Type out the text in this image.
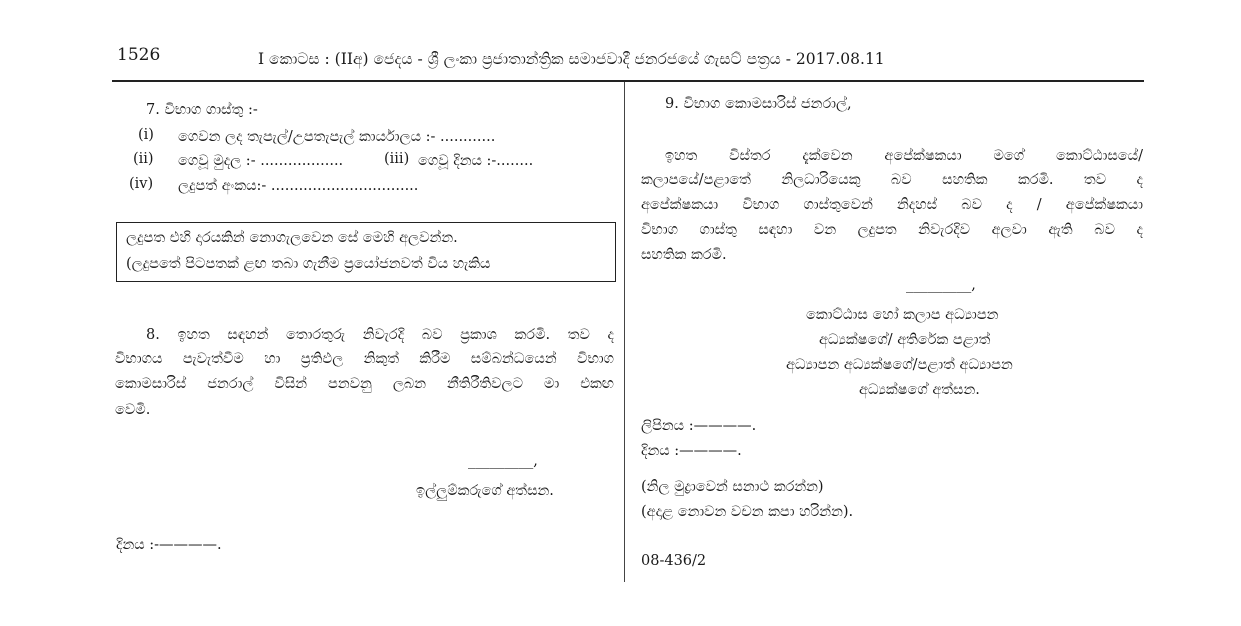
1526	I කොටස : (IIඅ) ජෙදය - ශ්‍රී ලංකා ප්‍රජාතාන්ත්‍රික සමාජවාදී ජනරජයේ ගැසට් පත්‍රය - 2017.08.11
7. විභාග ගාස්තු :-
(i) ගෙවන ලද තැපැල්/උපතැපැල් කාර්යාලය :- ............
(ii) ගෙවූ මුදල :- ..................	(iii) ගෙවූ දිනය :-........
(iv) ලදුපත් අංකය:- ................................
ලදුපත එහි දාරයකින් නොගැලවෙන සේ මෙහි අලවන්න.
(ලදුපතේ පිටපතක් ළඟ තබා ගැනීම ප්‍රයෝජනවත් විය හැකිය
8. ඉහත සඳහන් තොරතුරු නිවැරදි බව ප්‍රකාශ කරමි. තව ද
විභාගය පැවැත්වීම හා ප්‍රතිඵල නිකුත් කිරීම සම්බන්ධයෙන් විභාග
කොමසාරිස් ජනරාල් විසින් පනවනු ලබන නීතිරීතිවලට මා එකඟ
වෙමි.
_________,
ඉල්ලුම්කරුගේ අත්සන.
දිනය :-————.
9. විභාග කොමසාරිස් ජනරාල්,
ඉහත විස්තර දැක්වෙන අපේක්ෂකයා මගේ කොට්ඨාසයේ/
කලාපයේ/පළාතේ නිලධාරියෙකු බව සහතික කරමි. තව ද
අපේක්ෂකයා විභාග ගාස්තුවෙන් නිදහස් බව ද / අපේක්ෂකයා
විභාග ගාස්තු සඳහා වන ලදුපත නිවැරදිව අලවා ඇති බව ද
සහතික කරමි.
_________,
කොට්ඨාස හෝ කලාප අධ්‍යාපන
අධ්‍යක්ෂගේ/ අතිරේක පළාත්
අධ්‍යාපන අධ්‍යක්ෂගේ/පළාත් අධ්‍යාපන
අධ්‍යක්ෂගේ අත්සන.
ලිපිනය :————.
දිනය :————.
(නිල මුද්‍රාවෙන් සනාථ කරන්න)
(අදාළ නොවන වචන කපා හරින්න).
08-436/2
